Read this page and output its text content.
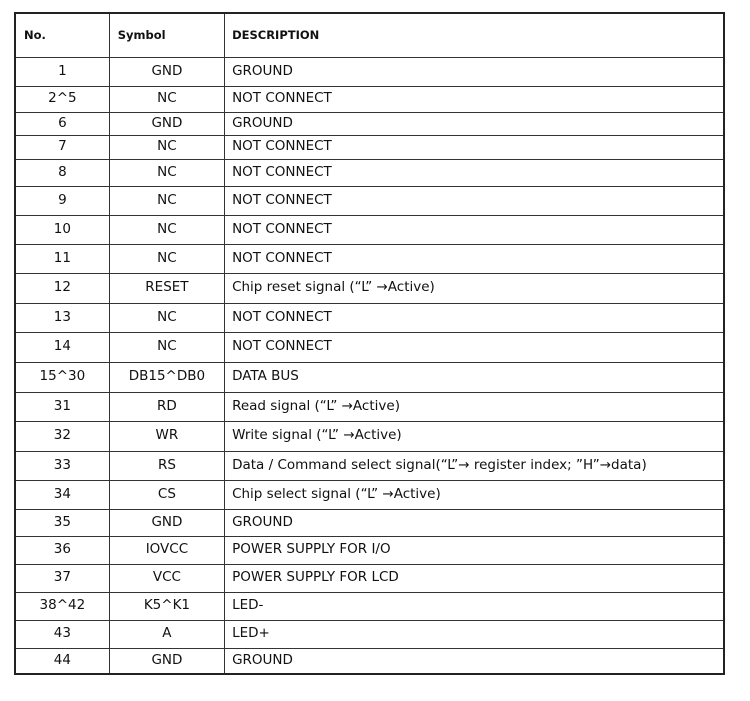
No.	Symbol	DESCRIPTION
1	GND	GROUND
2^5	NC	NOT CONNECT
6	GND	GROUND
7	NC	NOT CONNECT
8	NC	NOT CONNECT
9	NC	NOT CONNECT
10	NC	NOT CONNECT
11	NC	NOT CONNECT
12	RESET	Chip reset signal (“L” →Active)
13	NC	NOT CONNECT
14	NC	NOT CONNECT
15^30	DB15^DB0	DATA BUS
31	RD	Read signal (“L” →Active)
32	WR	Write signal (“L” →Active)
33	RS	Data / Command select signal(“L”→ register index; ”H”→data)
34	CS	Chip select signal (“L” →Active)
35	GND	GROUND
36	IOVCC	POWER SUPPLY FOR I/O
37	VCC	POWER SUPPLY FOR LCD
38^42	K5^K1	LED-
43	A	LED+
44	GND	GROUND
